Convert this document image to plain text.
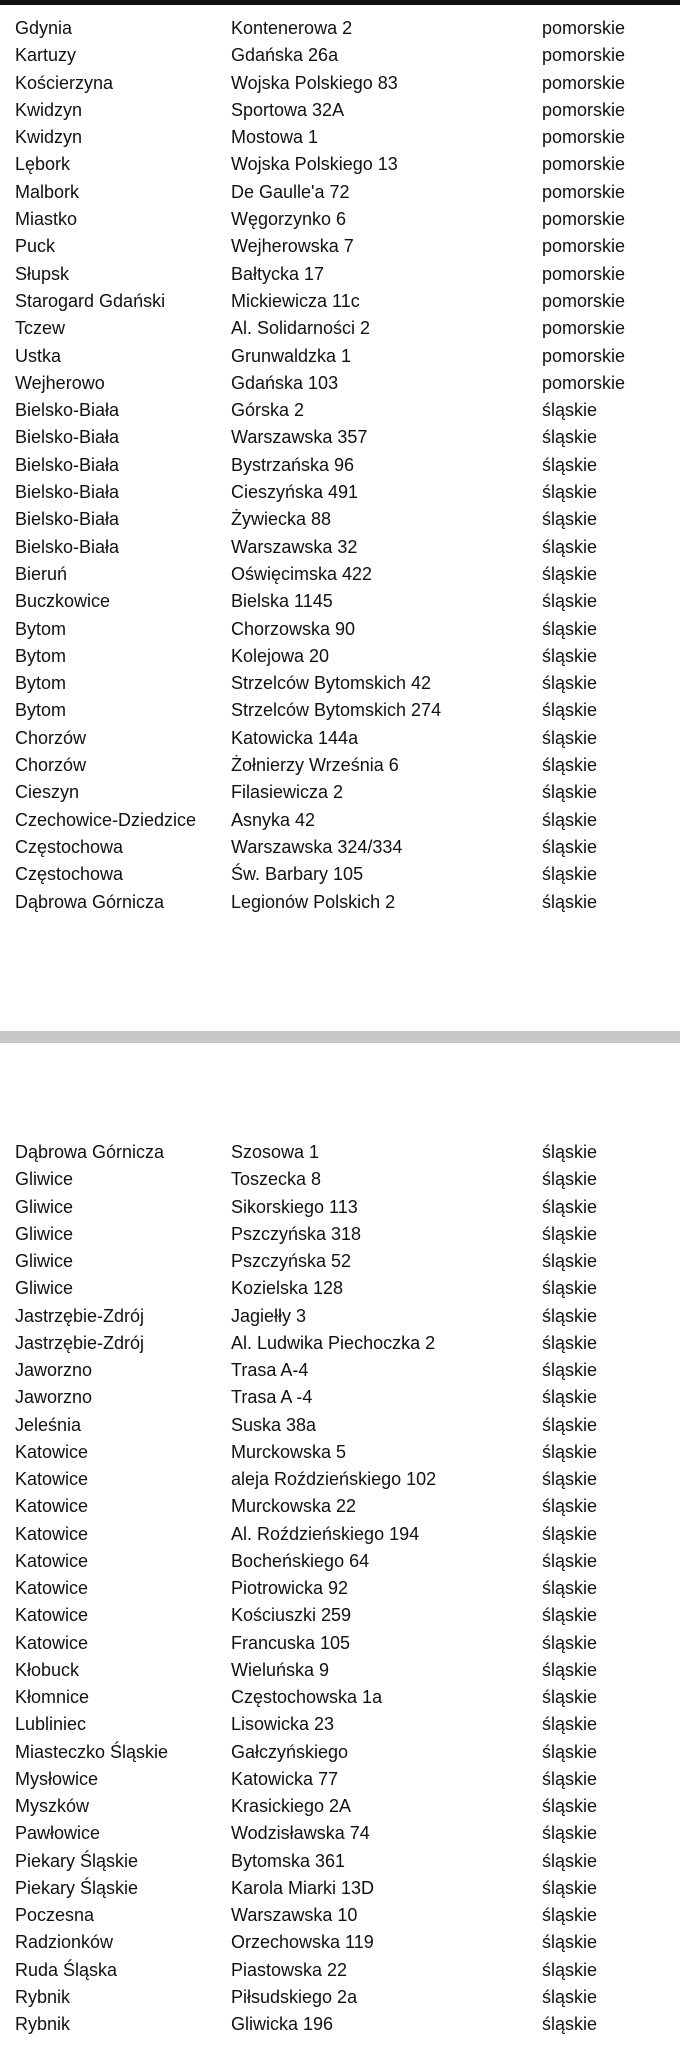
Gdynia	Kontenerowa 2	pomorskie
Kartuzy	Gdańska 26a	pomorskie
Kościerzyna	Wojska Polskiego 83	pomorskie
Kwidzyn	Sportowa 32A	pomorskie
Kwidzyn	Mostowa 1	pomorskie
Lębork	Wojska Polskiego 13	pomorskie
Malbork	De Gaulle'a 72	pomorskie
Miastko	Węgorzynko 6	pomorskie
Puck	Wejherowska 7	pomorskie
Słupsk	Bałtycka 17	pomorskie
Starogard Gdański	Mickiewicza 11c	pomorskie
Tczew	Al. Solidarności 2	pomorskie
Ustka	Grunwaldzka 1	pomorskie
Wejherowo	Gdańska 103	pomorskie
Bielsko-Biała	Górska 2	śląskie
Bielsko-Biała	Warszawska 357	śląskie
Bielsko-Biała	Bystrzańska 96	śląskie
Bielsko-Biała	Cieszyńska 491	śląskie
Bielsko-Biała	Żywiecka 88	śląskie
Bielsko-Biała	Warszawska 32	śląskie
Bieruń	Oświęcimska 422	śląskie
Buczkowice	Bielska 1145	śląskie
Bytom	Chorzowska 90	śląskie
Bytom	Kolejowa 20	śląskie
Bytom	Strzelców Bytomskich 42	śląskie
Bytom	Strzelców Bytomskich 274	śląskie
Chorzów	Katowicka 144a	śląskie
Chorzów	Żołnierzy Września 6	śląskie
Cieszyn	Filasiewicza 2	śląskie
Czechowice-Dziedzice	Asnyka 42	śląskie
Częstochowa	Warszawska 324/334	śląskie
Częstochowa	Św. Barbary 105	śląskie
Dąbrowa Górnicza	Legionów Polskich 2	śląskie
Dąbrowa Górnicza	Szosowa 1	śląskie
Gliwice	Toszecka 8	śląskie
Gliwice	Sikorskiego 113	śląskie
Gliwice	Pszczyńska 318	śląskie
Gliwice	Pszczyńska 52	śląskie
Gliwice	Kozielska 128	śląskie
Jastrzębie-Zdrój	Jagiełły 3	śląskie
Jastrzębie-Zdrój	Al. Ludwika Piechoczka 2	śląskie
Jaworzno	Trasa A-4	śląskie
Jaworzno	Trasa A -4	śląskie
Jeleśnia	Suska 38a	śląskie
Katowice	Murckowska 5	śląskie
Katowice	aleja Roździeńskiego 102	śląskie
Katowice	Murckowska 22	śląskie
Katowice	Al. Roździeńskiego 194	śląskie
Katowice	Bocheńskiego 64	śląskie
Katowice	Piotrowicka 92	śląskie
Katowice	Kościuszki 259	śląskie
Katowice	Francuska 105	śląskie
Kłobuck	Wieluńska 9	śląskie
Kłomnice	Częstochowska 1a	śląskie
Lubliniec	Lisowicka 23	śląskie
Miasteczko Śląskie	Gałczyńskiego	śląskie
Mysłowice	Katowicka 77	śląskie
Myszków	Krasickiego 2A	śląskie
Pawłowice	Wodzisławska 74	śląskie
Piekary Śląskie	Bytomska 361	śląskie
Piekary Śląskie	Karola Miarki 13D	śląskie
Poczesna	Warszawska 10	śląskie
Radzionków	Orzechowska 119	śląskie
Ruda Śląska	Piastowska 22	śląskie
Rybnik	Piłsudskiego 2a	śląskie
Rybnik	Gliwicka 196	śląskie
